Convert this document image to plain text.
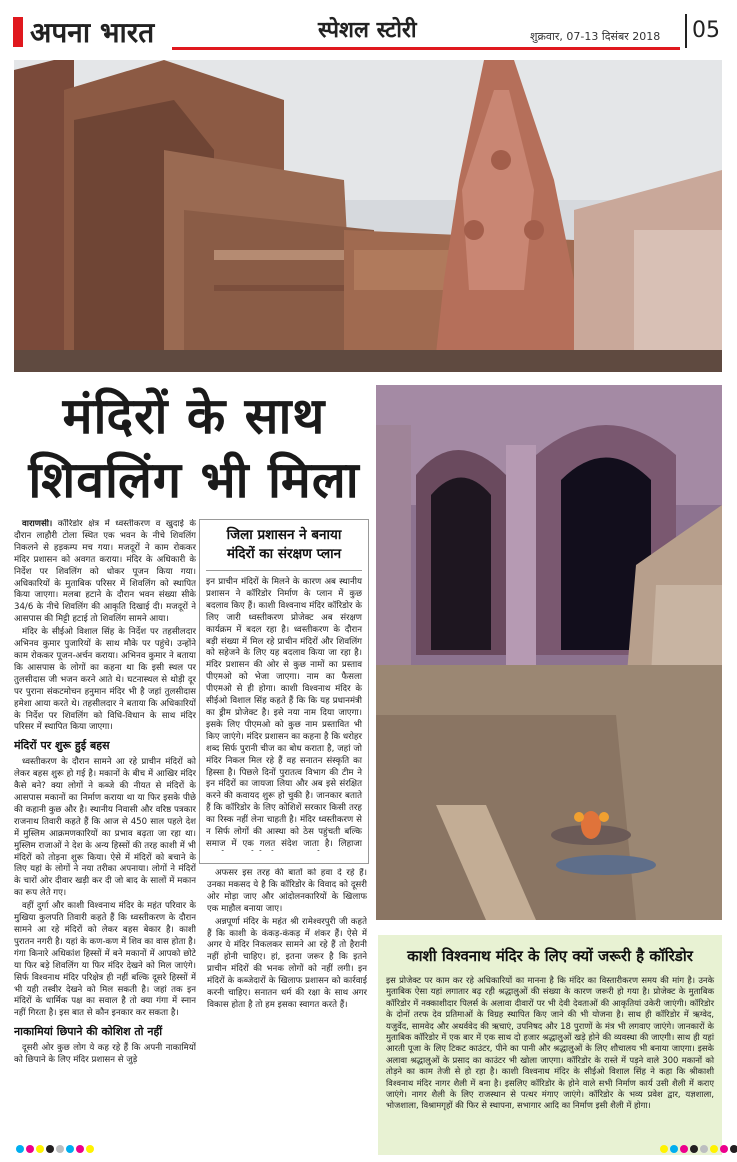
अपना भारत	स्पेशल स्टोरी	शुक्रवार, 07-13 दिसंबर 2018 05
मंदिरों के साथ
शिवलिंग भी मिला

वाराणसी। कॉरिडोर क्षेत्र में ध्वस्तीकरण व खुदाई के दौरान लाहौरी टोला स्थित एक भवन के नीचे शिवलिंग निकलने से हड़कम्प मच गया। मजदूरों ने काम रोककर मंदिर प्रशासन को अवगत कराया। मंदिर के अधिकारी के निर्देश पर शिवलिंग को धोकर पूजन किया गया। अधिकारियों के मुताबिक परिसर में शिवलिंग को स्थापित किया जाएगा। मलबा हटाने के दौरान भवन संख्या सीके 34/6 के नीचे शिवलिंग की आकृति दिखाई दी। मजदूरों ने आसपास की मिट्टी हटाई तो शिवलिंग सामने आया।

मंदिर के सीईओ विशाल सिंह के निर्देश पर तहसीलदार अभिनव कुमार पुजारियों के साथ मौके पर पहुंचे। उन्होंने काम रोककर पूजन-अर्चन कराया। अभिनव कुमार ने बताया कि आसपास के लोगों का कहना था कि इसी स्थल पर तुलसीदास जी भजन करने आते थे। घटनास्थल से थोड़ी दूर पर पुराना संकटमोचन हनुमान मंदिर भी है जहां तुलसीदास हमेशा आया करते थे। तहसीलदार ने बताया कि अधिकारियों के निर्देश पर शिवलिंग को विधि-विधान के साथ मंदिर परिसर में स्थापित किया जाएगा।

मंदिरों पर शुरू हुई बहस

ध्वस्तीकरण के दौरान सामने आ रहे प्राचीन मंदिरों को लेकर बहस शुरू हो गई है। मकानों के बीच में आखिर मंदिर कैसे बने? क्या लोगों ने कब्जे की नीयत से मंदिरों के आसपास मकानों का निर्माण कराया था या फिर इसके पीछे की कहानी कुछ और है। स्थानीय निवासी और वरिष्ठ पत्रकार राजनाथ तिवारी कहते हैं कि आज से 450 साल पहले देश में मुस्लिम आक्रमणकारियों का प्रभाव बढ़ता जा रहा था। मुस्लिम राजाओं ने देश के अन्य हिस्सों की तरह काशी में भी मंदिरों को तोड़ना शुरू किया। ऐसे में मंदिरों को बचाने के लिए यहां के लोगों ने नया तरीका अपनाया। लोगों ने मंदिरों के चारों ओर दीवार खड़ी कर दी जो बाद के सालों में मकान का रूप लेते गए।

वहीं दुर्गा और काशी विश्वनाथ मंदिर के महंत परिवार के मुखिया कुलपति तिवारी कहते हैं कि ध्वस्तीकरण के दौरान सामने आ रहे मंदिरों को लेकर बहस बेकार है। काशी पुरातन नगरी है। यहां के कण-कण में शिव का वास होता है। गंगा किनारे अधिकांश हिस्सों में बने मकानों में आपको छोटे या फिर बड़े शिवलिंग या फिर मंदिर देखने को मिल जाएंगे। सिर्फ विश्वनाथ मंदिर परिक्षेत्र ही नहीं बल्कि दूसरे हिस्सों में भी यही तस्वीर देखने को मिल सकती है। जहां तक इन मंदिरों के धार्मिक पक्ष का सवाल है तो क्या गंगा में स्नान नहीं गिरता है। इस बात से कौन इनकार कर सकता है।

नाकामियां छिपाने की कोशिश तो नहीं

दूसरी ओर कुछ लोग ये कह रहे हैं कि अपनी नाकामियों को छिपाने के लिए मंदिर प्रशासन से जुड़े

जिला प्रशासन ने बनाया
मंदिरों का संरक्षण प्लान
इन प्राचीन मंदिरों के मिलने के कारण अब स्थानीय प्रशासन ने कॉरिडोर निर्माण के प्लान में कुछ बदलाव किए हैं। काशी विश्वनाथ मंदिर कॉरिडोर के लिए जारी ध्वस्तीकरण प्रोजेक्ट अब संरक्षण कार्यक्रम में बदल रहा है। ध्वस्तीकरण के दौरान बड़ी संख्या में मिल रहे प्राचीन मंदिरों और शिवलिंग को सहेजने के लिए यह बदलाव किया जा रहा है। मंदिर प्रशासन की ओर से कुछ नामों का प्रस्ताव पीएमओ को भेजा जाएगा। नाम का फैसला पीएमओ से ही होगा। काशी विश्वनाथ मंदिर के सीईओ विशाल सिंह कहते हैं कि कि यह प्रधानमंत्री का ड्रीम प्रोजेक्ट है। इसे नया नाम दिया जाएगा। इसके लिए पीएमओ को कुछ नाम प्रस्तावित भी किए जाएंगे। मंदिर प्रशासन का कहना है कि धरोहर शब्द सिर्फ पुरानी चीज का बोध कराता है, जहां जो मंदिर निकल मिल रहे हैं वह सनातन संस्कृति का हिस्सा है। पिछले दिनों पुरातत्व विभाग की टीम ने इन मंदिरों का जायजा लिया और अब इसे संरक्षित करने की कवायद शुरू हो चुकी है। जानकार बताते हैं कि कॉरिडोर के लिए कोशिशें सरकार किसी तरह का रिस्क नहीं लेना चाहती है। मंदिर ध्वस्तीकरण से न सिर्फ लोगों की आस्था को ठेस पहुंचती बल्कि समाज में एक गलत संदेश जाता है। लिहाजा

अफसर इस तरह की बातों को हवा दे रहे हैं। उनका मकसद ये है कि कॉरिडोर के विवाद को दूसरी ओर मोड़ा जाए और आंदोलनकारियों के खिलाफ एक माहौल बनाया जाए।

अन्नपूर्णा मंदिर के महंत श्री रामेश्वरपुरी जी कहते हैं कि काशी के कंकड़-कंकड़ में शंकर हैं। ऐसे में अगर ये मंदिर निकलकर सामने आ रहे हैं तो हैरानी नहीं होनी चाहिए। हां, इतना जरूर है कि इतने प्राचीन मंदिरों की भनक लोगों को नहीं लगी। इन मंदिरों के कब्जेदारों के खिलाफ प्रशासन को कार्रवाई करनी चाहिए। सनातन धर्म की रक्षा के साथ अगर विकास होता है तो हम इसका स्वागत करते हैं।

काशी विश्वनाथ मंदिर के लिए क्यों जरूरी है कॉरिडोर
इस प्रोजेक्ट पर काम कर रहे अधिकारियों का मानना है कि मंदिर का विस्तारीकरण समय की मांग है। उनके मुताबिक ऐसा यहां लगातार बढ़ रही श्रद्धालुओं की संख्या के कारण जरूरी हो गया है। प्रोजेक्ट के मुताबिक कॉरिडोर में नक्काशीदार पिलर्स के अलावा दीवारों पर भी देवी देवताओं की आकृतियां उकेरी जाएंगी। कॉरिडोर के दोनों तरफ देव प्रतिमाओं के विग्रह स्थापित किए जाने की भी योजना है। साथ ही कॉरिडोर में ऋग्वेद, यजुर्वेद, सामवेद और अथर्ववेद की ऋचाएं, उपनिषद और 18 पुराणों के मंत्र भी लगवाए जाएंगे। जानकारों के मुताबिक कॉरिडोर में एक बार में एक साथ दो हजार श्रद्धालुओं खड़े होने की व्यवस्था की जाएगी। साथ ही यहां आरती पूजा के लिए टिकट काउंटर, पीने का पानी और श्रद्धालुओं के लिए शौचालय भी बनाया जाएगा। इसके अलावा श्रद्धालुओं के प्रसाद का काउंटर भी खोला जाएगा। कॉरिडोर के रास्ते में पड़ने वाले 300 मकानों को तोड़ने का काम तेजी से हो रहा है। काशी विश्वनाथ मंदिर के सीईओ विशाल सिंह ने कहा कि श्रीकाशी विश्वनाथ मंदिर नागर शैली में बना है। इसलिए कॉरिडोर के होने वाले सभी निर्माण कार्य उसी शैली में कराए जाएंगे। नागर शैली के लिए राजस्थान से पत्थर मंगाए जाएंगे। कॉरिडोर के भव्य प्रवेश द्वार, यज्ञशाला, भोजशाला, विश्रामगृहों की फिर से स्थापना, सभागार आदि का निर्माण इसी शैली में होगा।
